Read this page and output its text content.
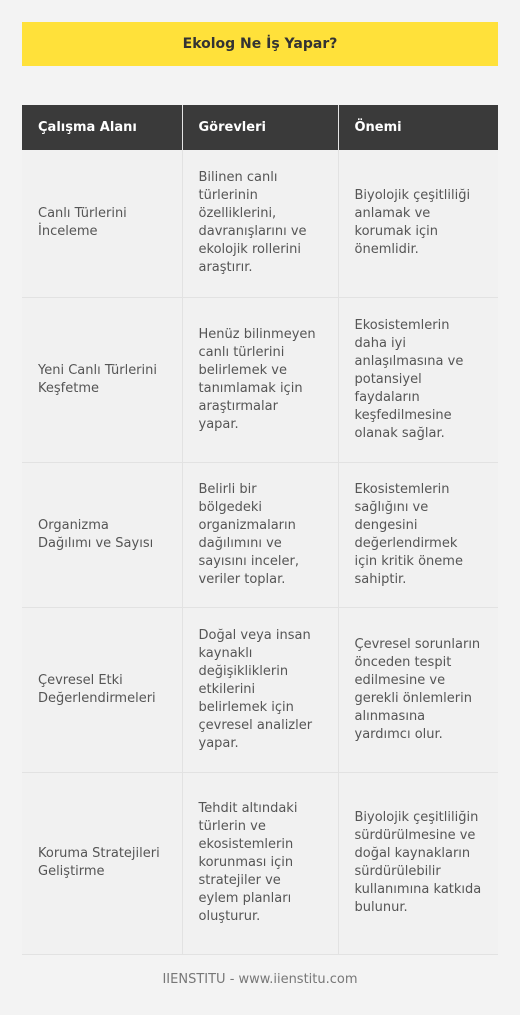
Ekolog Ne İş Yapar?
Çalışma Alanı	Görevleri	Önemi
Canlı Türlerini İnceleme	Bilinen canlı türlerinin özelliklerini, davranışlarını ve ekolojik rollerini araştırır.	Biyolojik çeşitliliği anlamak ve korumak için önemlidir.
Yeni Canlı Türlerini Keşfetme	Henüz bilinmeyen canlı türlerini belirlemek ve tanımlamak için araştırmalar yapar.	Ekosistemlerin daha iyi anlaşılmasına ve potansiyel faydaların keşfedilmesine olanak sağlar.
Organizma Dağılımı ve Sayısı	Belirli bir bölgedeki organizmaların dağılımını ve sayısını inceler, veriler toplar.	Ekosistemlerin sağlığını ve dengesini değerlendirmek için kritik öneme sahiptir.
Çevresel Etki Değerlendirmeleri	Doğal veya insan kaynaklı değişikliklerin etkilerini belirlemek için çevresel analizler yapar.	Çevresel sorunların önceden tespit edilmesine ve gerekli önlemlerin alınmasına yardımcı olur.
Koruma Stratejileri Geliştirme	Tehdit altındaki türlerin ve ekosistemlerin korunması için stratejiler ve eylem planları oluşturur.	Biyolojik çeşitliliğin sürdürülmesine ve doğal kaynakların sürdürülebilir kullanımına katkıda bulunur.
IIENSTITU - www.iienstitu.com
